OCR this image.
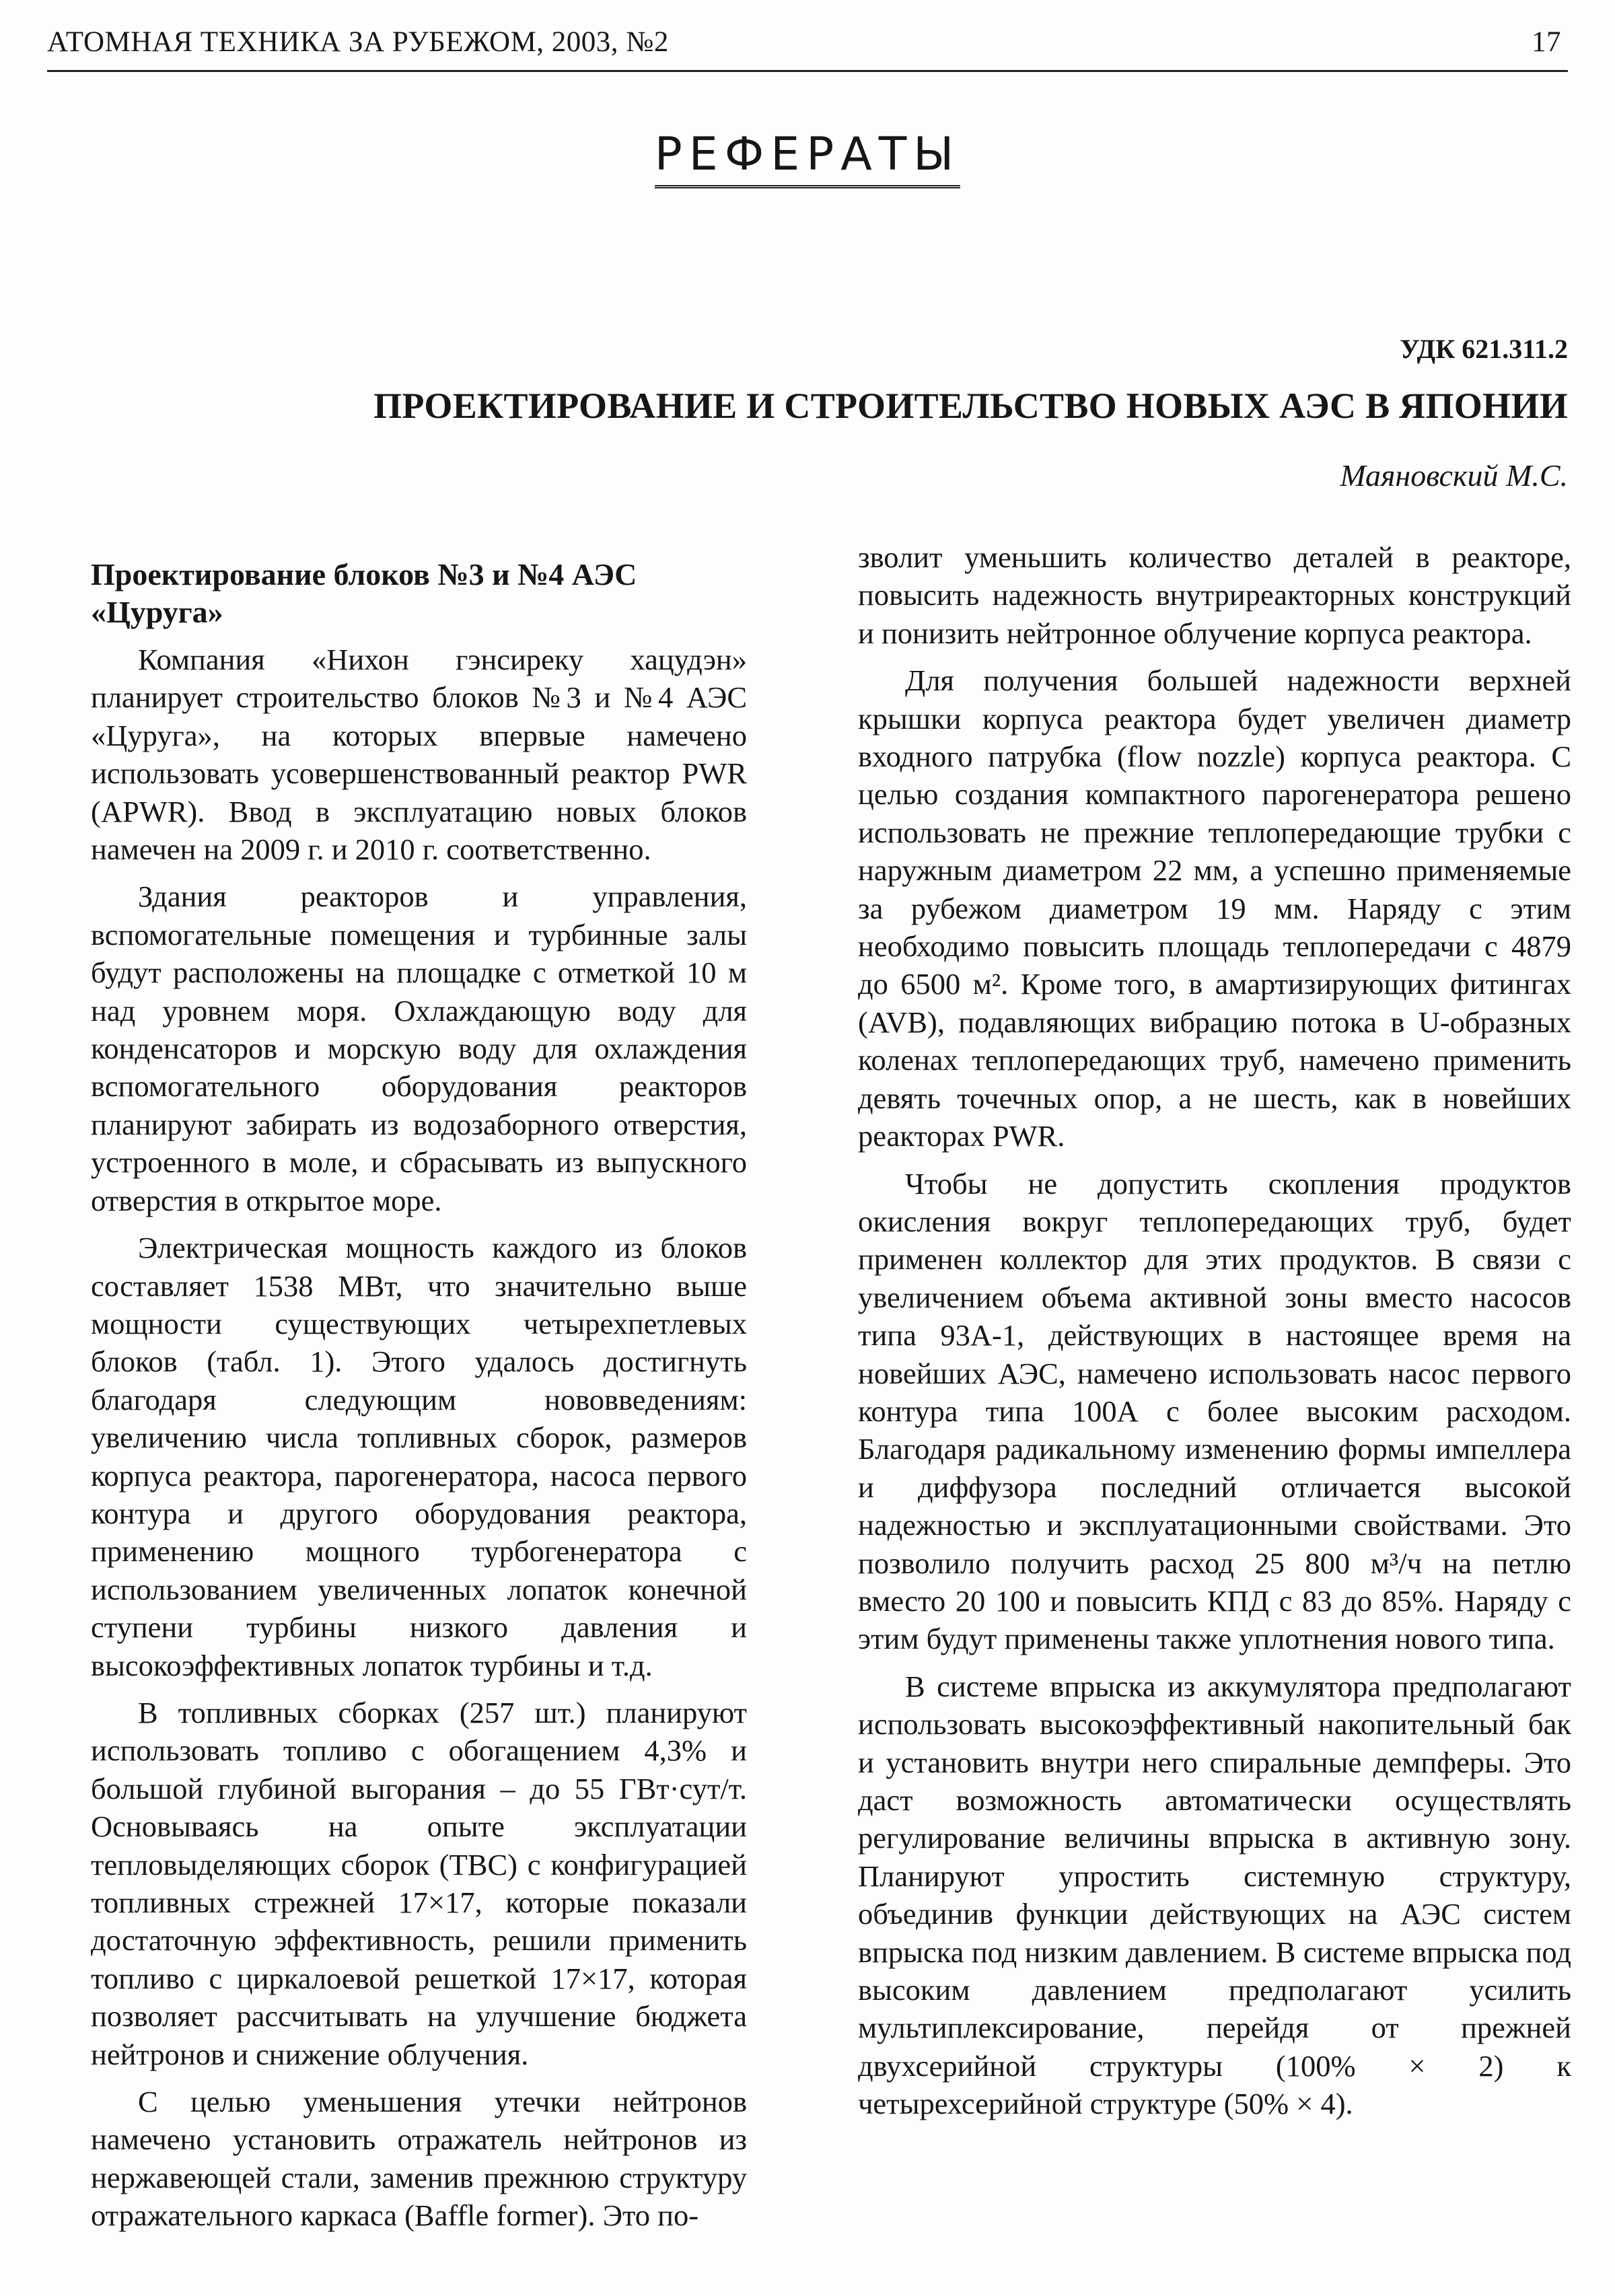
АТОМНАЯ ТЕХНИКА ЗА РУБЕЖОМ, 2003, №2	17
РЕФЕРАТЫ
УДК 621.311.2
ПРОЕКТИРОВАНИЕ И СТРОИТЕЛЬСТВО НОВЫХ АЭС В ЯПОНИИ
Маяновский М.С.
Проектирование блоков №3 и №4 АЭС «Цуруга»

Компания «Нихон гэнсиреку хацудэн» планирует строительство блоков №3 и №4 АЭС «Цуруга», на которых впервые намечено использовать усовершенствованный реактор PWR (APWR). Ввод в эксплуатацию новых блоков намечен на 2009 г. и 2010 г. соответственно.

Здания реакторов и управления, вспомогательные помещения и турбинные залы будут расположены на площадке с отметкой 10 м над уровнем моря. Охлаждающую воду для конденсаторов и морскую воду для охлаждения вспомогательного оборудования реакторов планируют забирать из водозаборного отверстия, устроенного в моле, и сбрасывать из выпускного отверстия в открытое море.

Электрическая мощность каждого из блоков составляет 1538 МВт, что значительно выше мощности существующих четырехпетлевых блоков (табл. 1). Этого удалось достигнуть благодаря следующим нововведениям: увеличению числа топливных сборок, размеров корпуса реактора, парогенератора, насоса первого контура и другого оборудования реактора, применению мощного турбогенератора с использованием увеличенных лопаток конечной ступени турбины низкого давления и высокоэффективных лопаток турбины и т.д.

В топливных сборках (257 шт.) планируют использовать топливо с обогащением 4,3% и большой глубиной выгорания – до 55 ГВт·сут/т. Основываясь на опыте эксплуатации тепловыделяющих сборок (ТВС) с конфигурацией топливных стрежней 17×17, которые показали достаточную эффективность, решили применить топливо с циркалоевой решеткой 17×17, которая позволяет рассчитывать на улучшение бюджета нейтронов и снижение облучения.

С целью уменьшения утечки нейтронов намечено установить отражатель нейтронов из нержавеющей стали, заменив прежнюю структуру отражательного каркаса (Baffle former). Это по-

зволит уменьшить количество деталей в реакторе, повысить надежность внутриреакторных конструкций и понизить нейтронное облучение корпуса реактора.

Для получения большей надежности верхней крышки корпуса реактора будет увеличен диаметр входного патрубка (flow nozzle) корпуса реактора. С целью создания компактного парогенератора решено использовать не прежние теплопередающие трубки с наружным диаметром 22 мм, а успешно применяемые за рубежом диаметром 19 мм. Наряду с этим необходимо повысить площадь теплопередачи с 4879 до 6500 м². Кроме того, в амартизирующих фитингах (AVB), подавляющих вибрацию потока в U-образных коленах теплопередающих труб, намечено применить девять точечных опор, а не шесть, как в новейших реакторах PWR.

Чтобы не допустить скопления продуктов окисления вокруг теплопередающих труб, будет применен коллектор для этих продуктов. В связи с увеличением объема активной зоны вместо насосов типа 93А-1, действующих в настоящее время на новейших АЭС, намечено использовать насос первого контура типа 100А с более высоким расходом. Благодаря радикальному изменению формы импеллера и диффузора последний отличается высокой надежностью и эксплуатационными свойствами. Это позволило получить расход 25 800 м³/ч на петлю вместо 20 100 и повысить КПД с 83 до 85%. Наряду с этим будут применены также уплотнения нового типа.

В системе впрыска из аккумулятора предполагают использовать высокоэффективный накопительный бак и установить внутри него спиральные демпферы. Это даст возможность автоматически осуществлять регулирование величины впрыска в активную зону. Планируют упростить системную структуру, объединив функции действующих на АЭС систем впрыска под низким давлением. В системе впрыска под высоким давлением предполагают усилить мультиплексирование, перейдя от прежней двухсерийной структуры (100% × 2) к четырехсерийной структуре (50% × 4).
